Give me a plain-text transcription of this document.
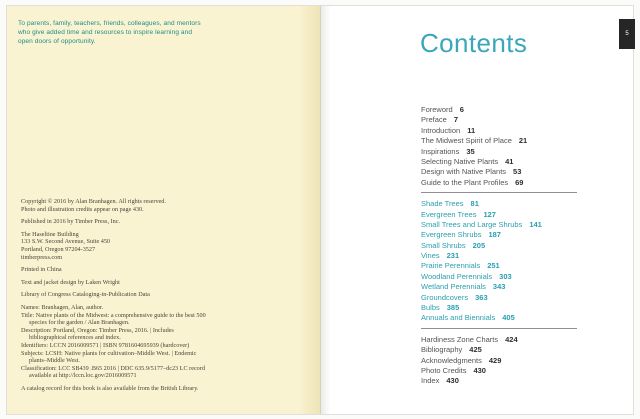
To parents, family, teachers, friends, colleagues, and mentors
who give added time and resources to inspire learning and
open doors of opportunity.
Copyright © 2016 by Alan Branhagen. All rights reserved.
Photo and illustration credits appear on page 430.
Published in 2016 by Timber Press, Inc.
The Haseltine Building
133 S.W. Second Avenue, Suite 450
Portland, Oregon 97204-3527
timberpress.com
Printed in China
Text and jacket design by Laken Wright
Library of Congress Cataloging-in-Publication Data
Names: Branhagen, Alan, author.
Title: Native plants of the Midwest: a comprehensive guide to the best 500
species for the garden / Alan Branhagen.
Description: Portland, Oregon: Timber Press, 2016. | Includes
bibliographical references and index.
Identifiers: LCCN 2016009571 | ISBN 9781604695939 (hardcover)
Subjects: LCSH: Native plants for cultivation–Middle West. | Endemic
plants–Middle West.
Classification: LCC SB439 .B65 2016 | DDC 635.9/5177–dc23 LC record
available at http://lccn.loc.gov/2016009571
A catalog record for this book is also available from the British Library.
5
Contents
Foreword 6
Preface 7
Introduction 11
The Midwest Spirit of Place 21
Inspirations 35
Selecting Native Plants 41
Design with Native Plants 53
Guide to the Plant Profiles 69
Shade Trees 81
Evergreen Trees 127
Small Trees and Large Shrubs 141
Evergreen Shrubs 187
Small Shrubs 205
Vines 231
Prairie Perennials 251
Woodland Perennials 303
Wetland Perennials 343
Groundcovers 363
Bulbs 385
Annuals and Biennials 405
Hardiness Zone Charts 424
Bibliography 425
Acknowledgments 429
Photo Credits 430
Index 430
